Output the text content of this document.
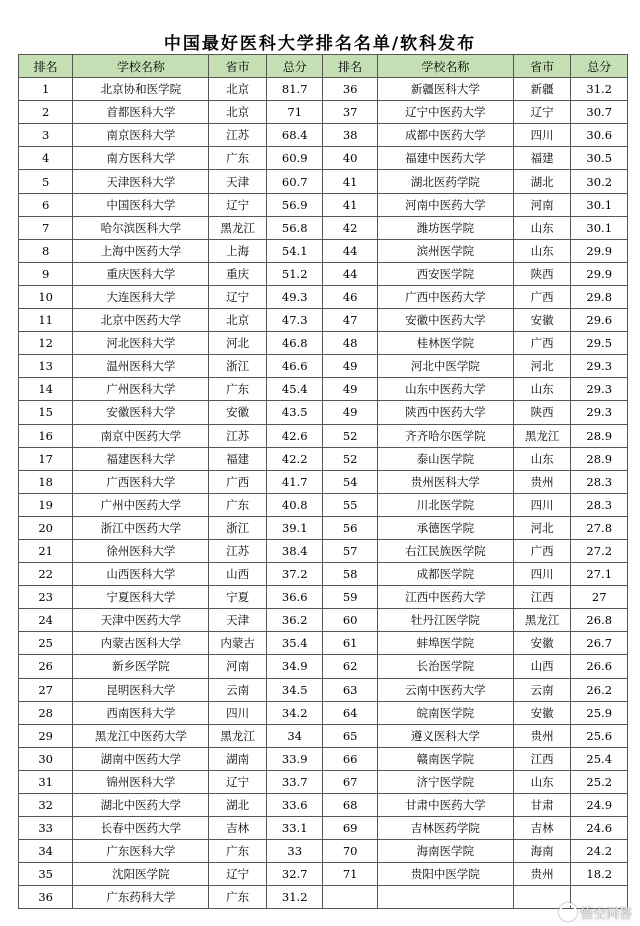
中国最好医科大学排名名单/软科发布
排名	学校名称	省市	总分	排名	学校名称	省市	总分
1	北京协和医学院	北京	81.7	36	新疆医科大学	新疆	31.2
2	首都医科大学	北京	71	37	辽宁中医药大学	辽宁	30.7
3	南京医科大学	江苏	68.4	38	成都中医药大学	四川	30.6
4	南方医科大学	广东	60.9	40	福建中医药大学	福建	30.5
5	天津医科大学	天津	60.7	41	湖北医药学院	湖北	30.2
6	中国医科大学	辽宁	56.9	41	河南中医药大学	河南	30.1
7	哈尔滨医科大学	黑龙江	56.8	42	潍坊医学院	山东	30.1
8	上海中医药大学	上海	54.1	44	滨州医学院	山东	29.9
9	重庆医科大学	重庆	51.2	44	西安医学院	陕西	29.9
10	大连医科大学	辽宁	49.3	46	广西中医药大学	广西	29.8
11	北京中医药大学	北京	47.3	47	安徽中医药大学	安徽	29.6
12	河北医科大学	河北	46.8	48	桂林医学院	广西	29.5
13	温州医科大学	浙江	46.6	49	河北中医学院	河北	29.3
14	广州医科大学	广东	45.4	49	山东中医药大学	山东	29.3
15	安徽医科大学	安徽	43.5	49	陕西中医药大学	陕西	29.3
16	南京中医药大学	江苏	42.6	52	齐齐哈尔医学院	黑龙江	28.9
17	福建医科大学	福建	42.2	52	泰山医学院	山东	28.9
18	广西医科大学	广西	41.7	54	贵州医科大学	贵州	28.3
19	广州中医药大学	广东	40.8	55	川北医学院	四川	28.3
20	浙江中医药大学	浙江	39.1	56	承德医学院	河北	27.8
21	徐州医科大学	江苏	38.4	57	右江民族医学院	广西	27.2
22	山西医科大学	山西	37.2	58	成都医学院	四川	27.1
23	宁夏医科大学	宁夏	36.6	59	江西中医药大学	江西	27
24	天津中医药大学	天津	36.2	60	牡丹江医学院	黑龙江	26.8
25	内蒙古医科大学	内蒙古	35.4	61	蚌埠医学院	安徽	26.7
26	新乡医学院	河南	34.9	62	长治医学院	山西	26.6
27	昆明医科大学	云南	34.5	63	云南中医药大学	云南	26.2
28	西南医科大学	四川	34.2	64	皖南医学院	安徽	25.9
29	黑龙江中医药大学	黑龙江	34	65	遵义医科大学	贵州	25.6
30	湖南中医药大学	湖南	33.9	66	赣南医学院	江西	25.4
31	锦州医科大学	辽宁	33.7	67	济宁医学院	山东	25.2
32	湖北中医药大学	湖北	33.6	68	甘肃中医药大学	甘肃	24.9
33	长春中医药大学	吉林	33.1	69	吉林医药学院	吉林	24.6
34	广东医科大学	广东	33	70	海南医学院	海南	24.2
35	沈阳医学院	辽宁	32.7	71	贵阳中医学院	贵州	18.2
36	广东药科大学	广东	31.2				
悟空问答
